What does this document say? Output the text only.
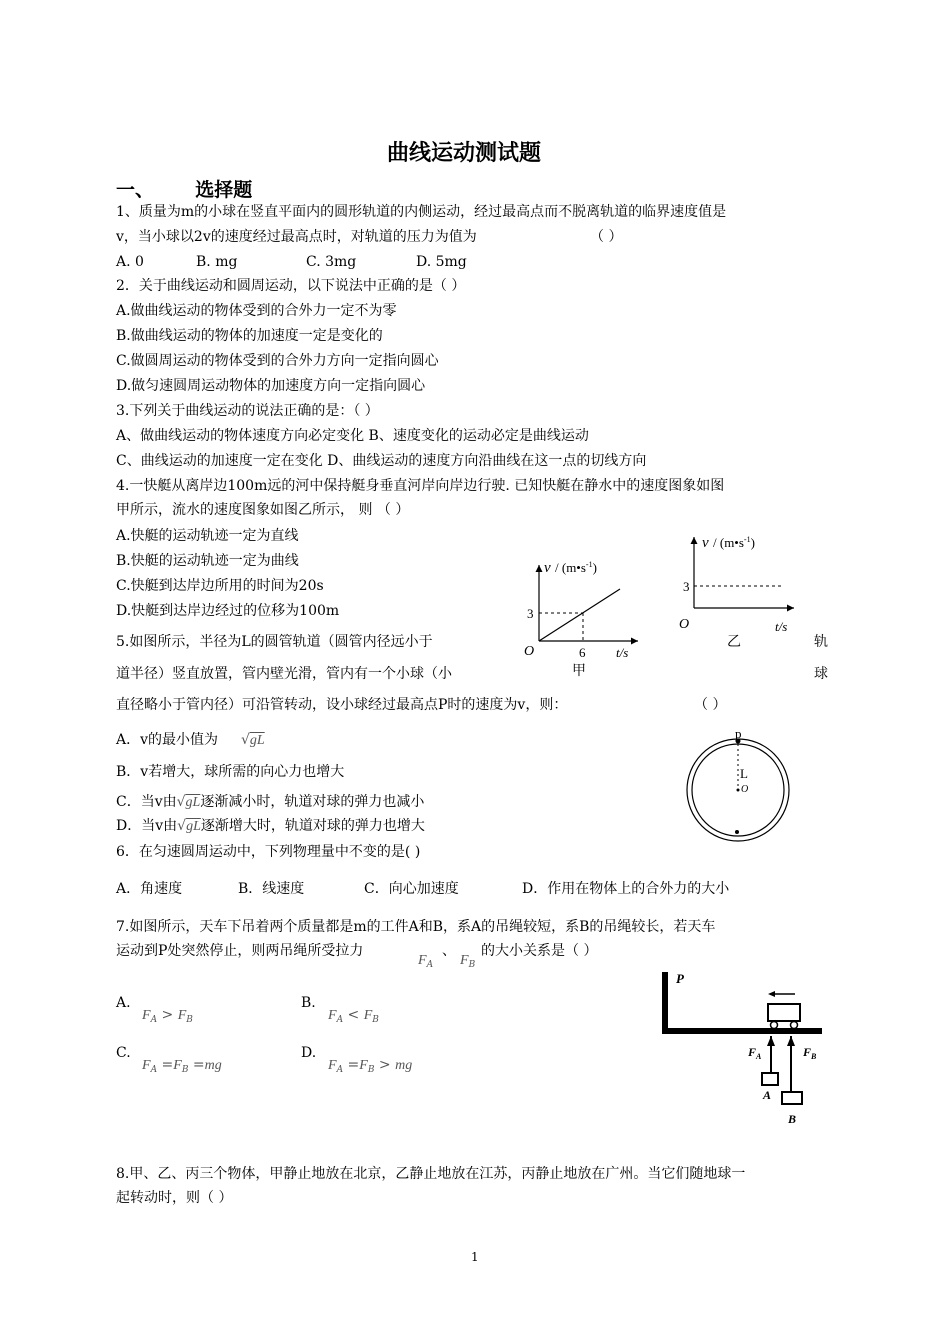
曲线运动测试题
一、 选择题
1、质量为m的小球在竖直平面内的圆形轨道的内侧运动，经过最高点而不脱离轨道的临界速度值是
v，当小球以2v的速度经过最高点时，对轨道的压力为值为	（ ）
A. 0	B. mg	C. 3mg	D. 5mg
2．关于曲线运动和圆周运动，以下说法中正确的是（ ）
A.做曲线运动的物体受到的合外力一定不为零
B.做曲线运动的物体的加速度一定是变化的
C.做圆周运动的物体受到的合外力方向一定指向圆心
D.做匀速圆周运动物体的加速度方向一定指向圆心
3.下列关于曲线运动的说法正确的是：（ ）
A、做曲线运动的物体速度方向必定变化 B、速度变化的运动必定是曲线运动
C、曲线运动的加速度一定在变化 D、曲线运动的速度方向沿曲线在这一点的切线方向
4.一快艇从离岸边100m远的河中保持艇身垂直河岸向岸边行驶. 已知快艇在静水中的速度图象如图
甲所示，流水的速度图象如图乙所示， 则 （ ）
A.快艇的运动轨迹一定为直线
B.快艇的运动轨迹一定为曲线
C.快艇到达岸边所用的时间为20s
D.快艇到达岸边经过的位移为100m
v / $(m•s^{-1})$
3
6
O	t/s
甲
v / $(m•s^{-1})$
3
O	t/s
乙
5.如图所示，半径为L的圆管轨道（圆管内径远小于	轨
道半径）竖直放置，管内壁光滑，管内有一个小球（小	球
直径略小于管内径）可沿管转动，设小球经过最高点P时的速度为v，则：	（ ）
A．v的最小值为 √gL
B．v若增大，球所需的向心力也增大
C．当v由√gL逐渐减小时，轨道对球的弹力也减小
D．当v由√gL逐渐增大时，轨道对球的弹力也增大
p
L
O
6．在匀速圆周运动中，下列物理量中不变的是( )
A．角速度	B．线速度	C．向心加速度	D．作用在物体上的合外力的大小
7.如图所示，天车下吊着两个质量都是m的工件A和B，系A的吊绳较短，系B的吊绳较长，若天车
运动到P处突然停止，则两吊绳所受拉力
$F_A$
、
$F_B$
的大小关系是（ ）
A.
$F_A > F_B$
B.
$F_A < F_B$
C.
$F_A =F_B =mg$
D.
$F_A =F_B$ > mg
P
$F_A$	$F_B$
A
B
8.甲、乙、丙三个物体，甲静止地放在北京，乙静止地放在江苏，丙静止地放在广州。当它们随地球一
起转动时，则（ ）
1
